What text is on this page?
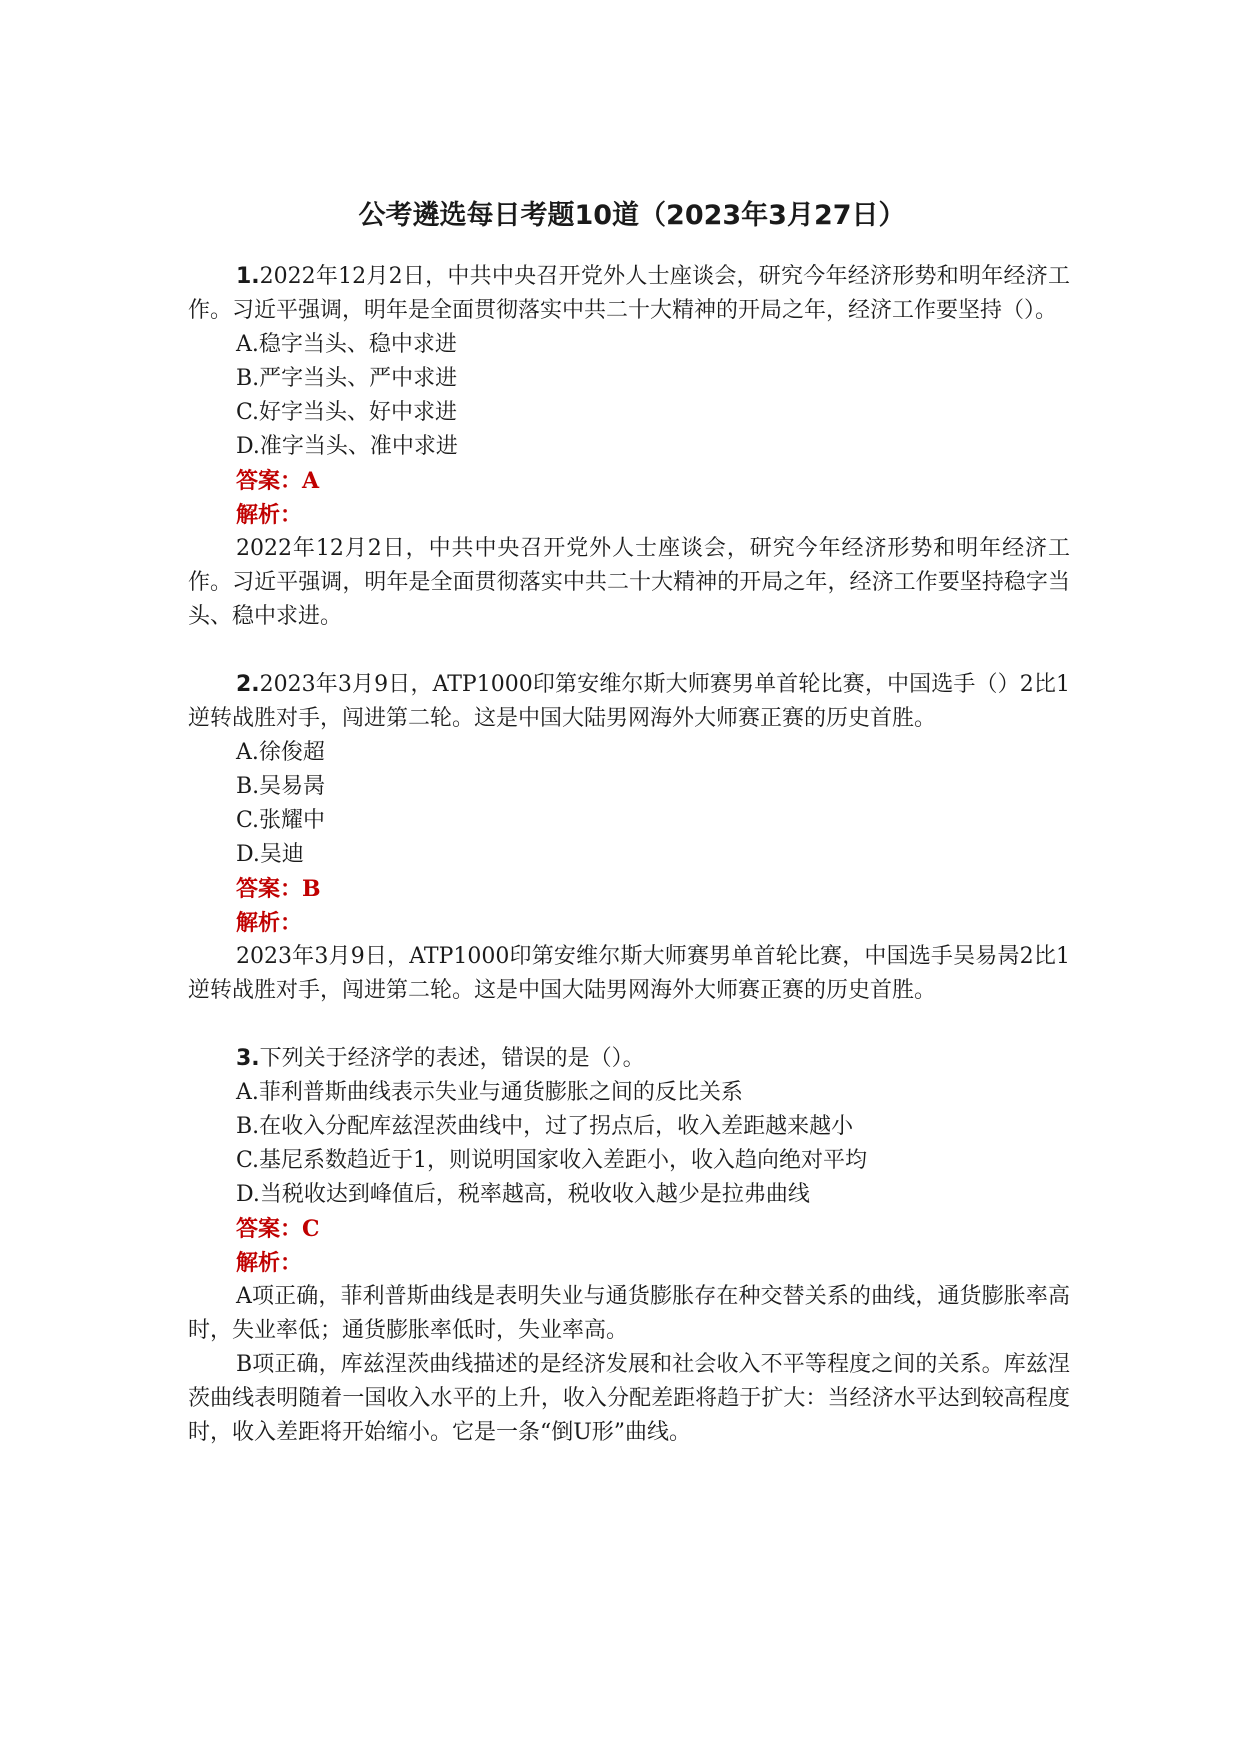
公考遴选每日考题10道（2023年3月27日）

1.2022年12月2日，中共中央召开党外人士座谈会，研究今年经济形势和明年经济工作。习近平强调，明年是全面贯彻落实中共二十大精神的开局之年，经济工作要坚持（）。

A.稳字当头、稳中求进

B.严字当头、严中求进

C.好字当头、好中求进

D.准字当头、准中求进

答案：A

解析：

2022年12月2日，中共中央召开党外人士座谈会，研究今年经济形势和明年经济工作。习近平强调，明年是全面贯彻落实中共二十大精神的开局之年，经济工作要坚持稳字当头、稳中求进。

2.2023年3月9日，ATP1000印第安维尔斯大师赛男单首轮比赛，中国选手（）2比1逆转战胜对手，闯进第二轮。这是中国大陆男网海外大师赛正赛的历史首胜。

A.徐俊超

B.吴易昺

C.张耀中

D.吴迪

答案：B

解析：

2023年3月9日，ATP1000印第安维尔斯大师赛男单首轮比赛，中国选手吴易昺2比1逆转战胜对手，闯进第二轮。这是中国大陆男网海外大师赛正赛的历史首胜。

3.下列关于经济学的表述，错误的是（）。

A.菲利普斯曲线表示失业与通货膨胀之间的反比关系

B.在收入分配库兹涅茨曲线中，过了拐点后，收入差距越来越小

C.基尼系数趋近于1，则说明国家收入差距小，收入趋向绝对平均

D.当税收达到峰值后，税率越高，税收收入越少是拉弗曲线

答案：C

解析：

A项正确，菲利普斯曲线是表明失业与通货膨胀存在种交替关系的曲线，通货膨胀率高时，失业率低；通货膨胀率低时，失业率高。

B项正确，库兹涅茨曲线描述的是经济发展和社会收入不平等程度之间的关系。库兹涅茨曲线表明随着一国收入水平的上升，收入分配差距将趋于扩大：当经济水平达到较高程度时，收入差距将开始缩小。它是一条“倒U形”曲线。
